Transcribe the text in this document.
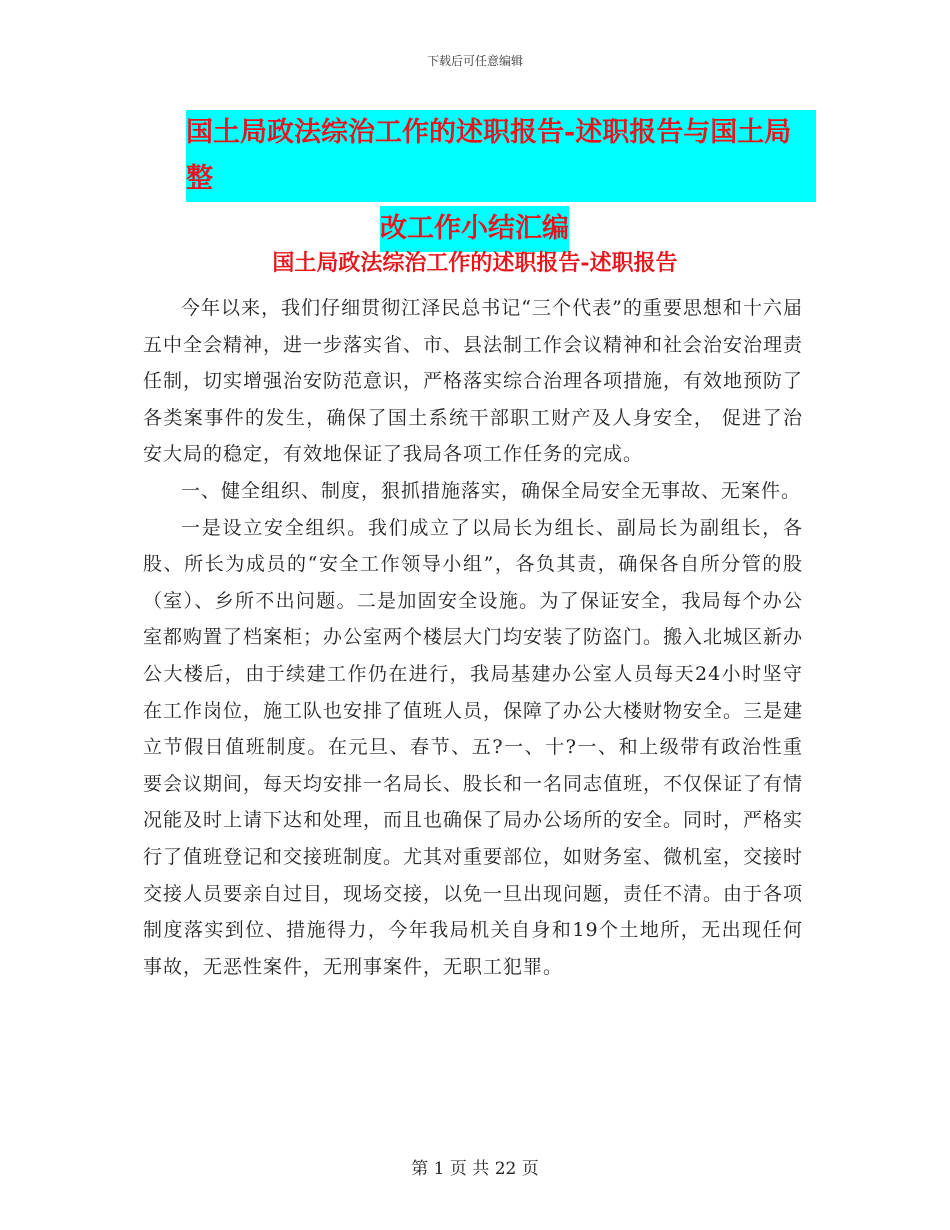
下载后可任意编辑
国土局政法综治工作的述职报告-述职报告与国土局整 改工作小结汇编
国土局政法综治工作的述职报告-述职报告

今年以来，我们仔细贯彻江泽民总书记“三个代表”的重要思想和十六届五中全会精神，进一步落实省、市、县法制工作会议精神和社会治安治理责任制，切实增强治安防范意识，严格落实综合治理各项措施，有效地预防了各类案事件的发生，确保了国土系统干部职工财产及人身安全， 促进了治安大局的稳定，有效地保证了我局各项工作任务的完成。

一、健全组织、制度，狠抓措施落实，确保全局安全无事故、无案件。

一是设立安全组织。我们成立了以局长为组长、副局长为副组长，各股、所长为成员的“安全工作领导小组”，各负其责，确保各自所分管的股（室）、乡所不出问题。二是加固安全设施。为了保证安全，我局每个办公室都购置了档案柜；办公室两个楼层大门均安装了防盗门。搬入北城区新办公大楼后，由于续建工作仍在进行，我局基建办公室人员每天24小时坚守在工作岗位，施工队也安排了值班人员，保障了办公大楼财物安全。三是建立节假日值班制度。在元旦、春节、五?一、十?一、和上级带有政治性重要会议期间，每天均安排一名局长、股长和一名同志值班，不仅保证了有情况能及时上请下达和处理，而且也确保了局办公场所的安全。同时，严格实行了值班登记和交接班制度。尤其对重要部位，如财务室、微机室，交接时交接人员要亲自过目，现场交接，以免一旦出现问题，责任不清。由于各项制度落实到位、措施得力，今年我局机关自身和19个土地所，无出现任何事故，无恶性案件，无刑事案件，无职工犯罪。

第 1 页 共 22 页
